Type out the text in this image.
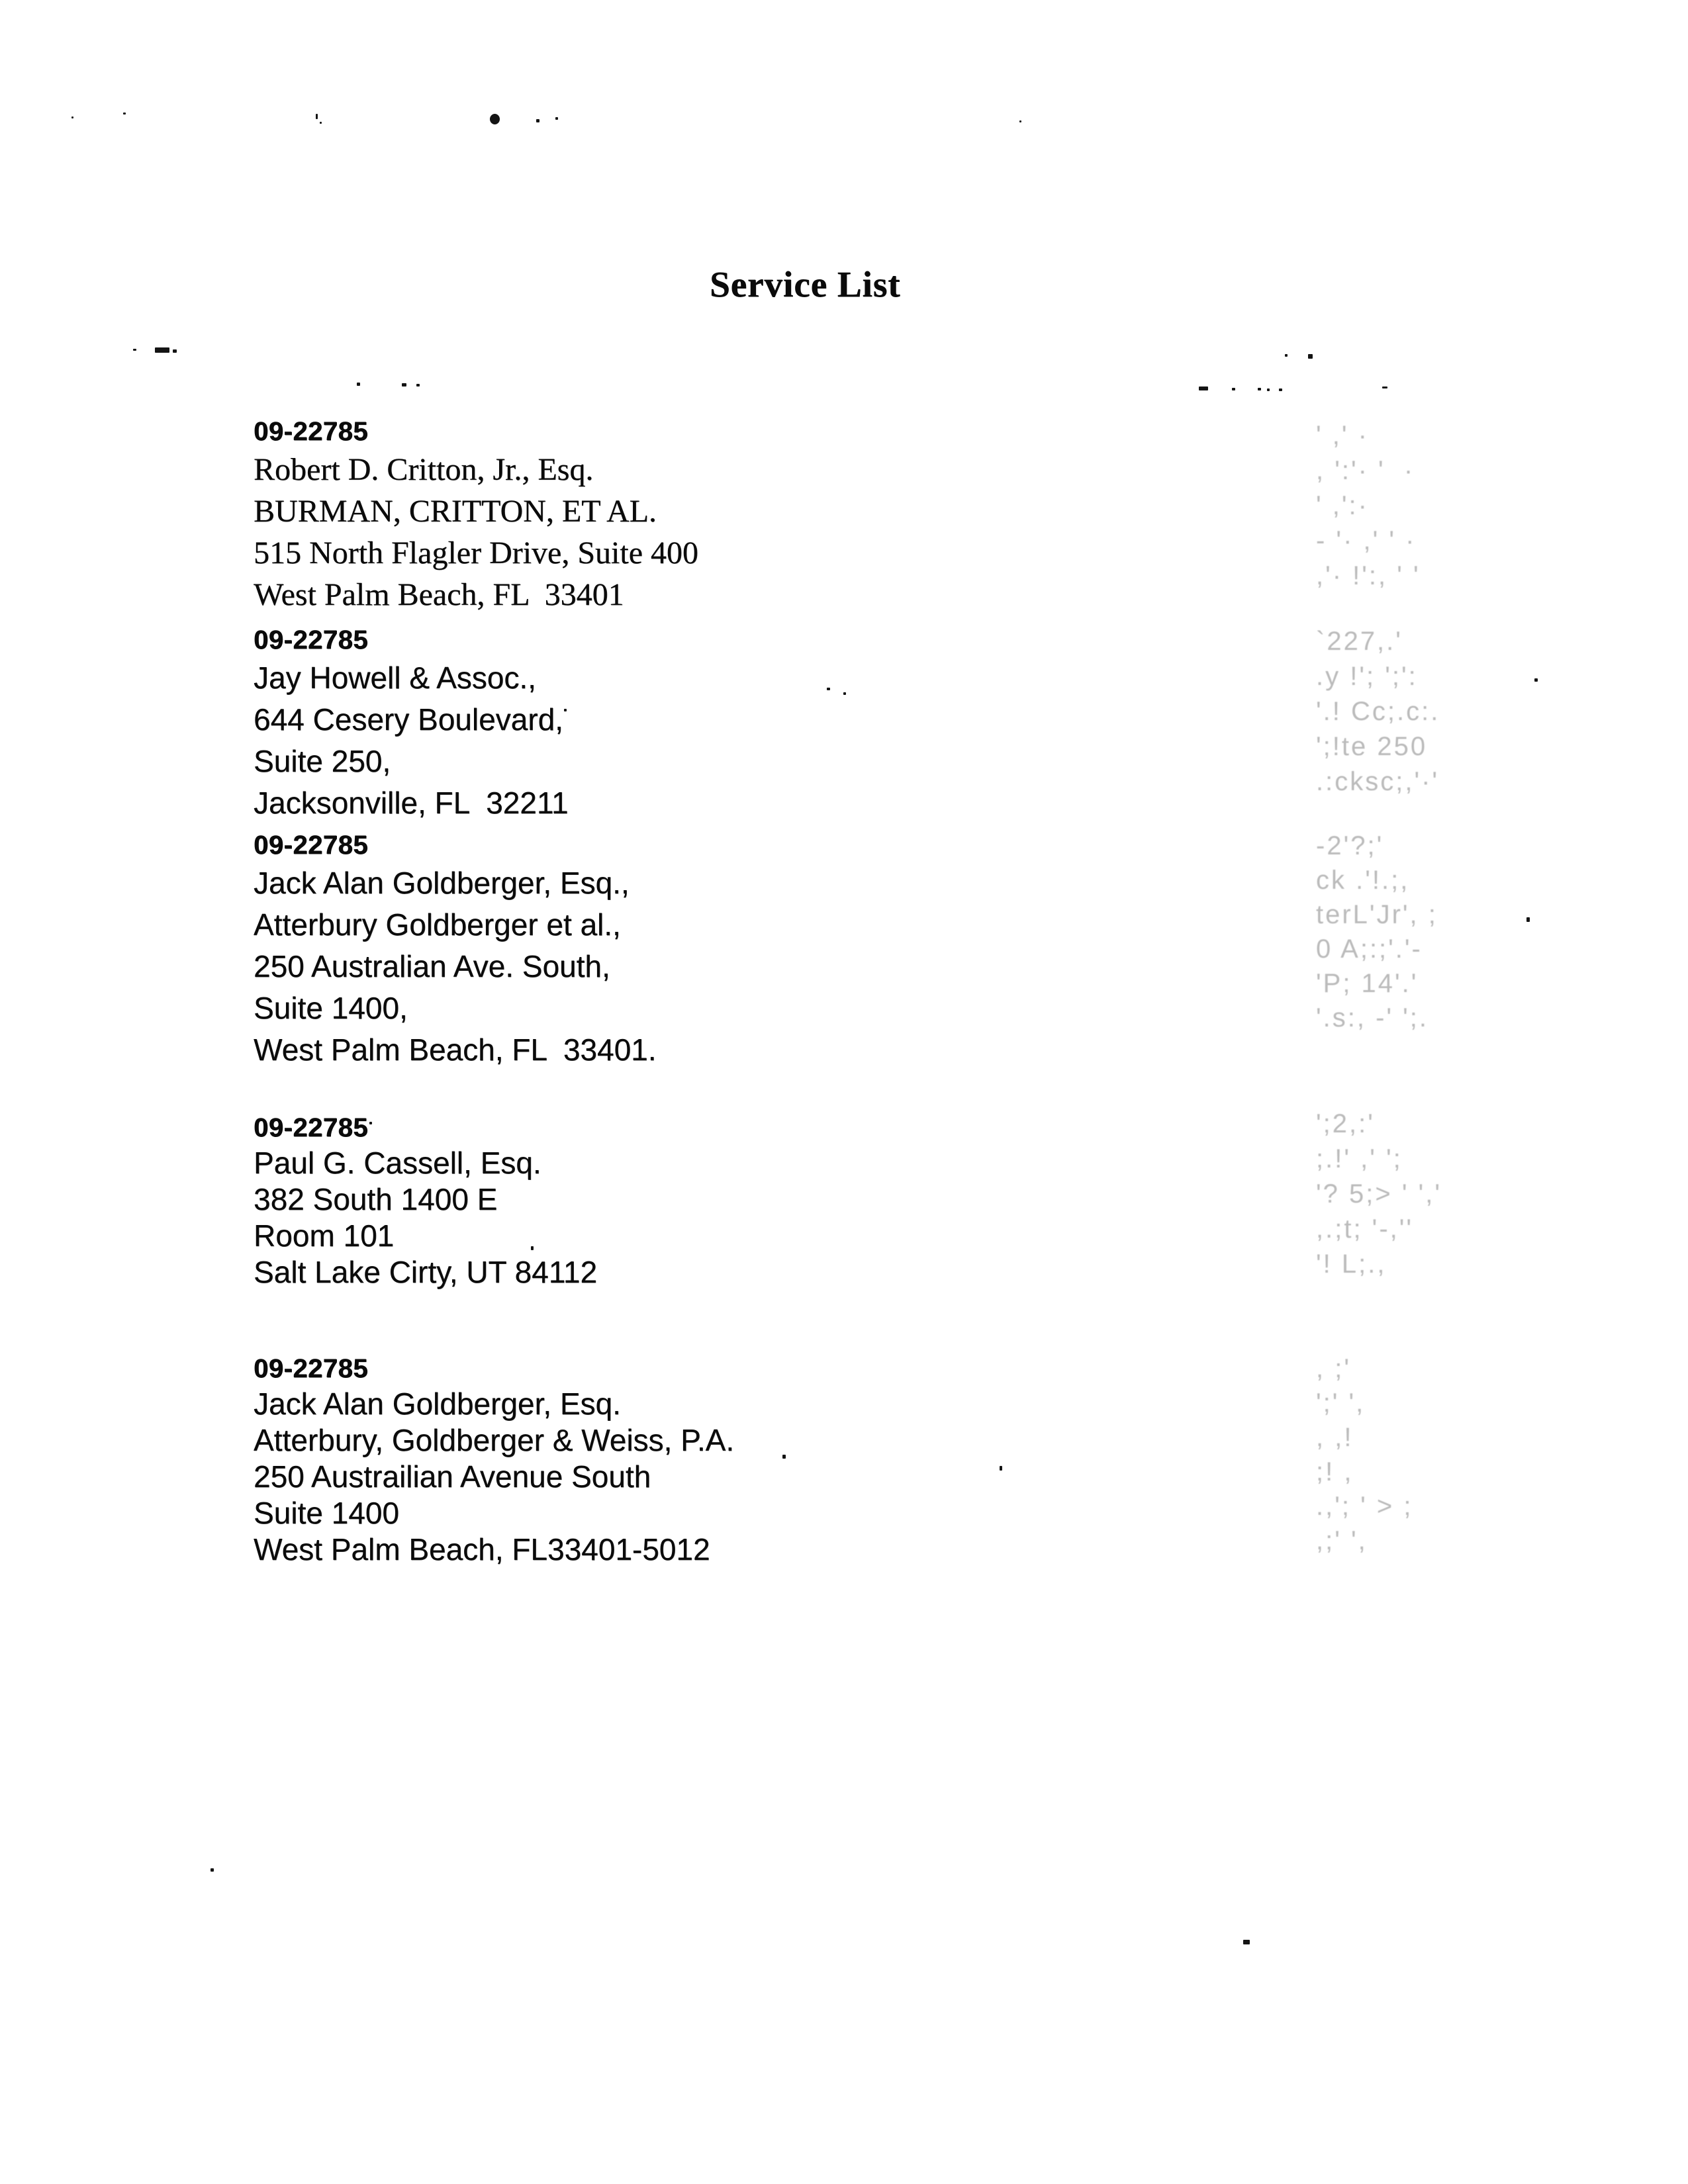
Service List
09-22785
Robert D. Critton, Jr., Esq.
BURMAN, CRITTON, ET AL.
515 North Flagler Drive, Suite 400
West Palm Beach, FL  33401
09-22785
Jay Howell & Assoc.,
644 Cesery Boulevard,
Suite 250,
Jacksonville, FL  32211
09-22785
Jack Alan Goldberger, Esq.,
Atterbury Goldberger et al.,
250 Australian Ave. South,
Suite 1400,
West Palm Beach, FL  33401.
09-22785
Paul G. Cassell, Esq.
382 South 1400 E
Room 101
Salt Lake Cirty, UT 84112
09-22785
Jack Alan Goldberger, Esq.
Atterbury, Goldberger & Weiss, P.A.
250 Austrailian Avenue South
Suite 1400
West Palm Beach, FL33401-5012
' ,' ·
, ':'· '  ·
' ,':·
- '· ,' ' ·
,'· !':, ' '
`227,.'
.y !'; ';':
'.! Cc;.c:.
';!te 250
.:cksc;,'·'
-2'?;'
ck .'!.;,
terL'Jr', ;
0 A;:;'.'-
'P; 14'.'
'.s:, -' ';.
';2,:'
;.!' ,' ';
'? 5;> ' ','
,.;t; '-,''
'! L;.,
, ;'
';' ',
, ,!
;! ,
.,'; ' > ;
,;' ',
